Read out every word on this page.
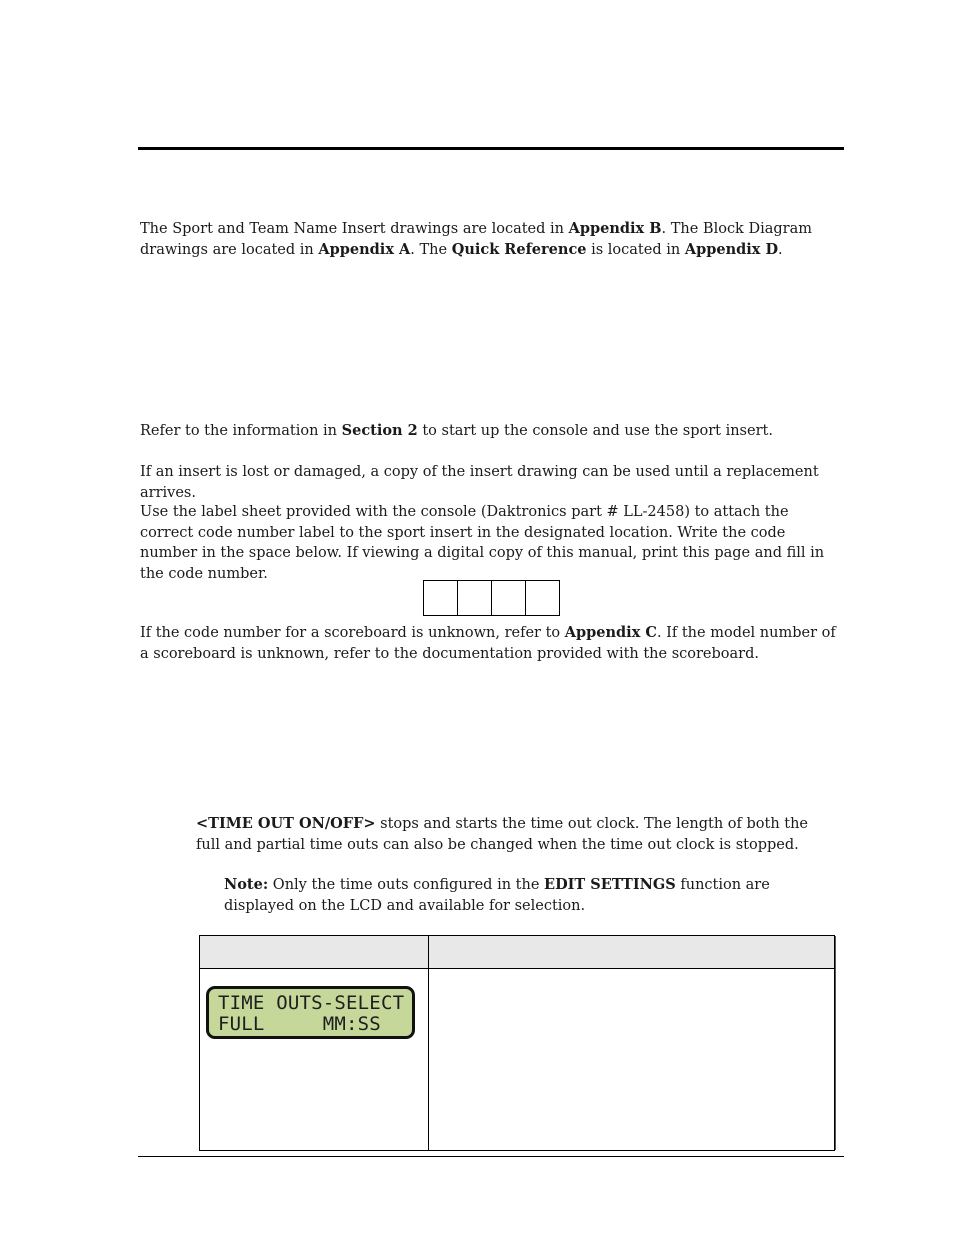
The Sport and Team Name Insert drawings are located in Appendix B. The Block Diagram drawings are located in Appendix A. The Quick Reference is located in Appendix D.

Refer to the information in Section 2 to start up the console and use the sport insert.

If an insert is lost or damaged, a copy of the insert drawing can be used until a replacement arrives.

Use the label sheet provided with the console (Daktronics part # LL-2458) to attach the correct code number label to the sport insert in the designated location. Write the code number in the space below. If viewing a digital copy of this manual, print this page and fill in the code number.

If the code number for a scoreboard is unknown, refer to Appendix C. If the model number of a scoreboard is unknown, refer to the documentation provided with the scoreboard.

<TIME OUT ON/OFF> stops and starts the time out clock. The length of both the full and partial time outs can also be changed when the time out clock is stopped.

Note: Only the time outs configured in the EDIT SETTINGS function are displayed on the LCD and available for selection.

TIME OUTS-SELECT
FULL     MM:SS
